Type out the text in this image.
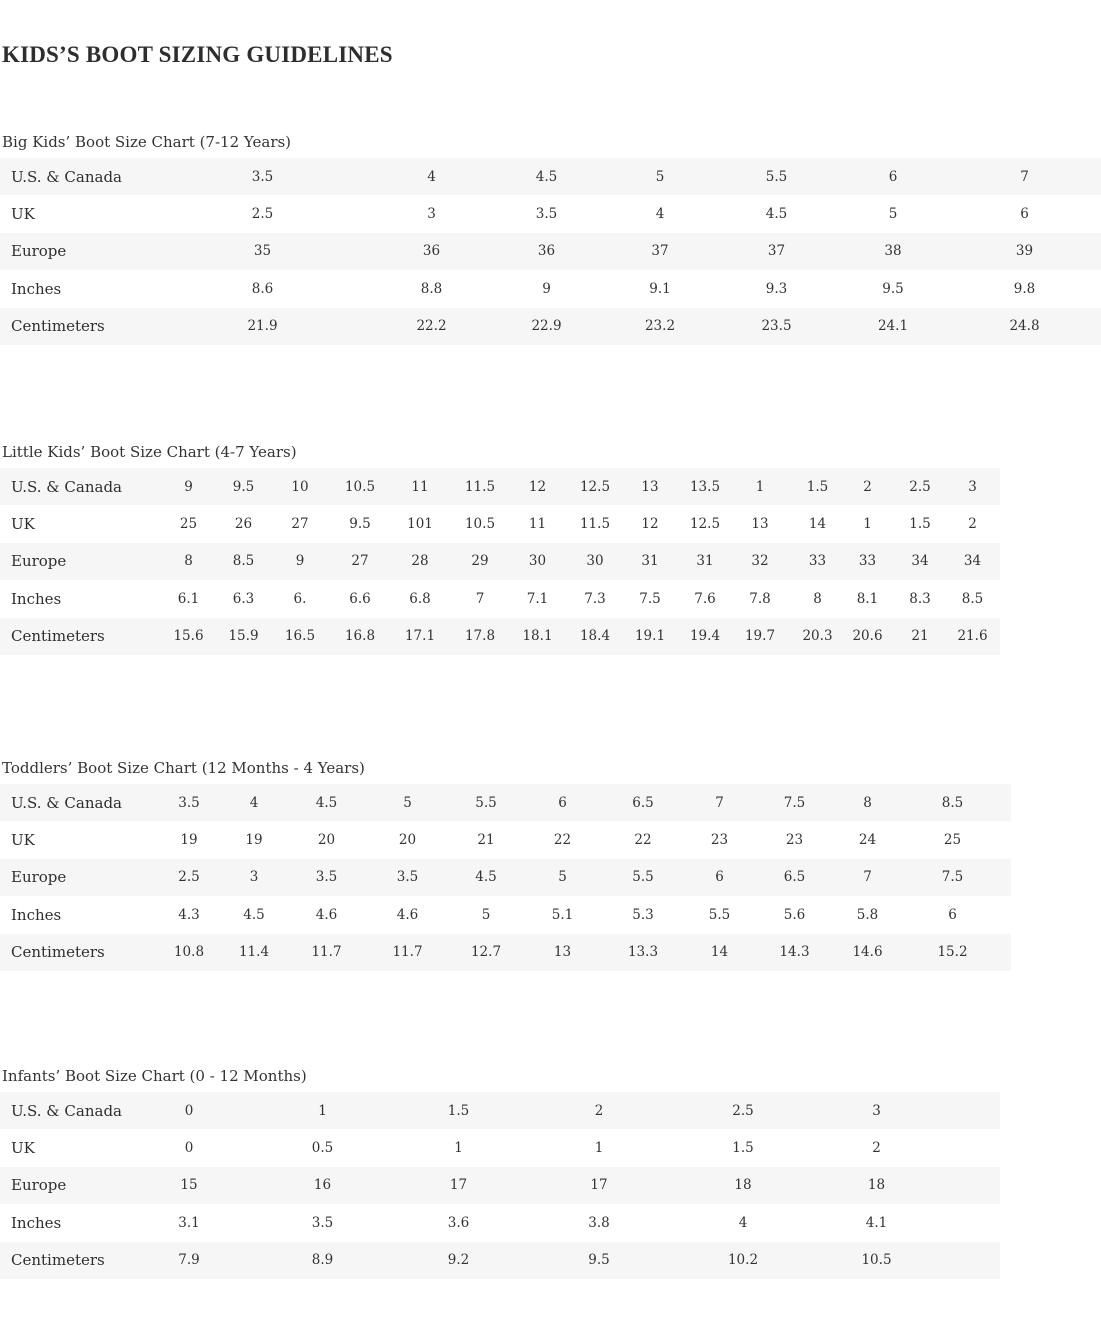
KIDS’S BOOT SIZING GUIDELINES
Big Kids’ Boot Size Chart (7-12 Years)
U.S. & Canada	3.5	4	4.5	5	5.5	6	7	
UK	2.5	3	3.5	4	4.5	5	6	
Europe	35	36	36	37	37	38	39	
Inches	8.6	8.8	9	9.1	9.3	9.5	9.8	
Centimeters	21.9	22.2	22.9	23.2	23.5	24.1	24.8	
Little Kids’ Boot Size Chart (4-7 Years)
U.S. & Canada	9	9.5	10	10.5	11	11.5	12	12.5	13	13.5	1	1.5	2	2.5	3	
UK	25	26	27	9.5	101	10.5	11	11.5	12	12.5	13	14	1	1.5	2	
Europe	8	8.5	9	27	28	29	30	30	31	31	32	33	33	34	34	
Inches	6.1	6.3	6.	6.6	6.8	7	7.1	7.3	7.5	7.6	7.8	8	8.1	8.3	8.5	
Centimeters	15.6	15.9	16.5	16.8	17.1	17.8	18.1	18.4	19.1	19.4	19.7	20.3	20.6	21	21.6	
Toddlers’ Boot Size Chart (12 Months - 4 Years)
U.S. & Canada	3.5	4	4.5	5	5.5	6	6.5	7	7.5	8	8.5	
UK	19	19	20	20	21	22	22	23	23	24	25	
Europe	2.5	3	3.5	3.5	4.5	5	5.5	6	6.5	7	7.5	
Inches	4.3	4.5	4.6	4.6	5	5.1	5.3	5.5	5.6	5.8	6	
Centimeters	10.8	11.4	11.7	11.7	12.7	13	13.3	14	14.3	14.6	15.2	
Infants’ Boot Size Chart (0 - 12 Months)
U.S. & Canada	0	1	1.5	2	2.5	3	
UK	0	0.5	1	1	1.5	2	
Europe	15	16	17	17	18	18	
Inches	3.1	3.5	3.6	3.8	4	4.1	
Centimeters	7.9	8.9	9.2	9.5	10.2	10.5	
